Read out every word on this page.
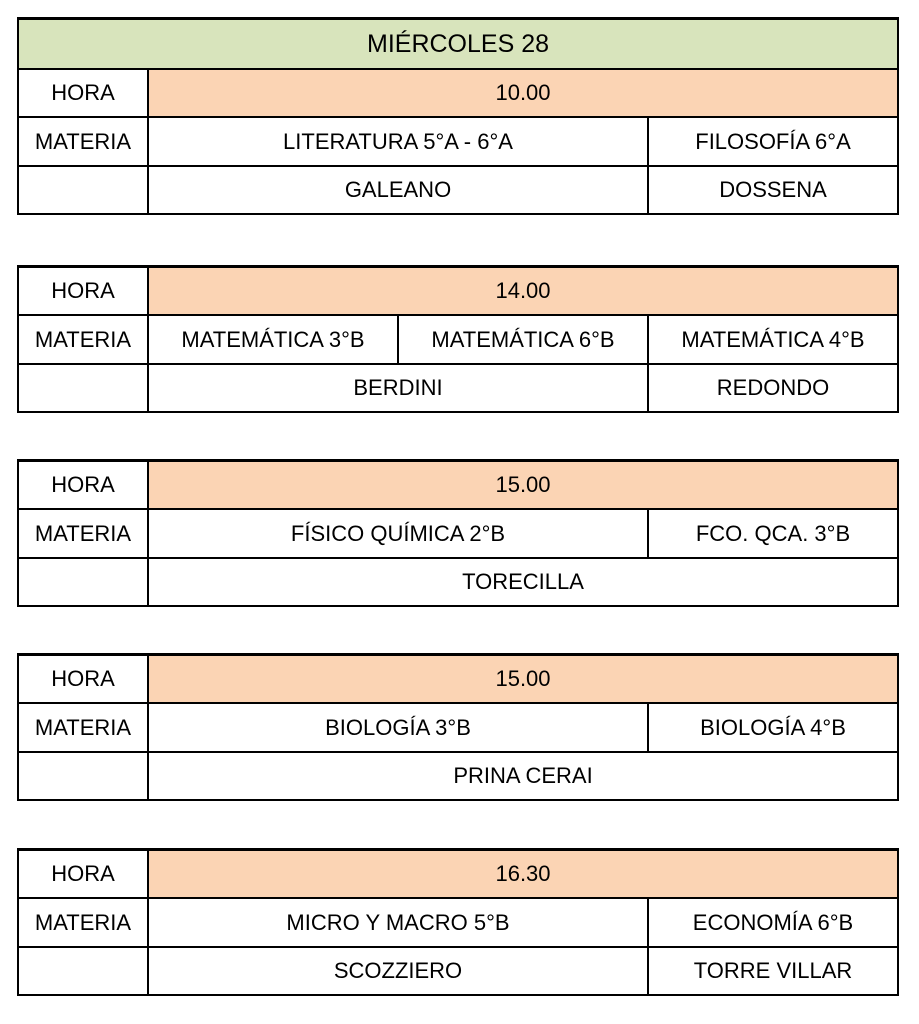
MIÉRCOLES 28		
HORA	10.00	
MATERIA	LITERATURA 5°A - 6°A	FILOSOFÍA 6°A
	GALEANO	DOSSENA
HORA	14.00		
MATERIA	MATEMÁTICA 3°B	MATEMÁTICA 6°B	MATEMÁTICA 4°B
	BERDINI		REDONDO
HORA	15.00	
MATERIA	FÍSICO QUÍMICA 2°B	FCO. QCA. 3°B
	TORECILLA	
HORA	15.00	
MATERIA	BIOLOGÍA 3°B	BIOLOGÍA 4°B
	PRINA CERAI	
HORA	16.30	
MATERIA	MICRO Y MACRO 5°B	ECONOMÍA 6°B
	SCOZZIERO	TORRE VILLAR
